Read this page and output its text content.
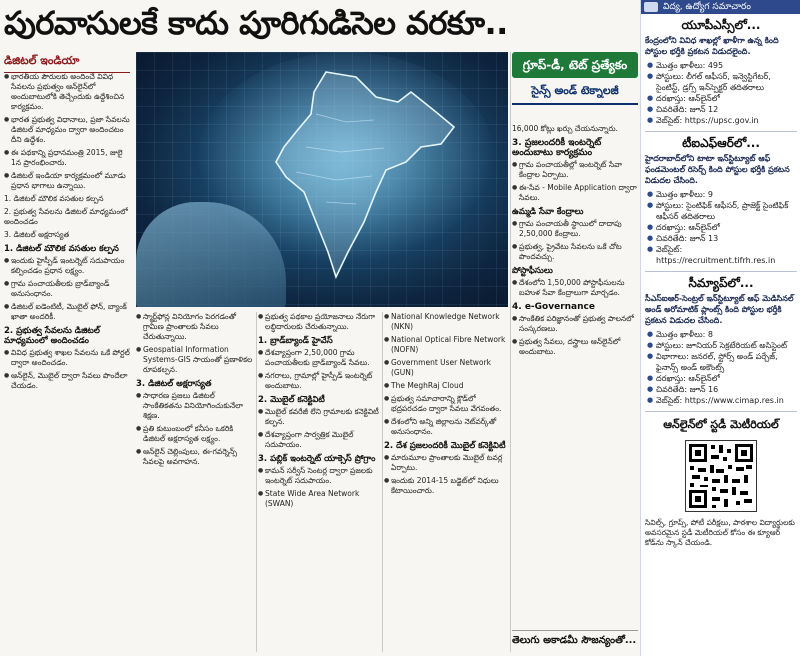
పురవాసులకే కాదు పూరిగుడిసెల వరకూ..
డిజిటల్ ఇండియా

● భారతీయ పౌరులకు అందించే వివిధ సేవలను ప్రభుత్వం ఆన్‌లైన్‌లో అందుబాటులోకి తెచ్చేందుకు ఉద్దేశించిన కార్యక్రమం.

● భారత ప్రభుత్వ విధానాలు, ప్రజా సేవలను డిజిటల్ మాధ్యమం ద్వారా అందించటం దీని ఉద్దేశం.

● ఈ పథకాన్ని ప్రధానమంత్రి 2015, జులై 1న ప్రారంభించారు.

● డిజిటల్ ఇండియా కార్యక్రమంలో మూడు ప్రధాన భాగాలు ఉన్నాయి.

1. డిజిటల్ మౌలిక వసతుల కల్పన

2. ప్రభుత్వ సేవలను డిజిటల్ మాధ్యమంలో అందించడం

3. డిజిటల్ అక్షరాస్యత

1. డిజిటల్ మౌలిక వసతుల కల్పన

● ఇందుకు హైస్పీడ్ ఇంటర్నెట్ సదుపాయం కల్పించడం ప్రధాన లక్ష్యం.

● గ్రామ పంచాయతీలకు బ్రాడ్‌బ్యాండ్ అనుసంధానం.

● డిజిటల్ ఐడెంటిటీ, మొబైల్ ఫోన్, బ్యాంక్ ఖాతా అందరికీ.

2. ప్రభుత్వ సేవలను డిజిటల్ మాధ్యమంలో అందించడం

● వివిధ ప్రభుత్వ శాఖల సేవలను ఒకే పోర్టల్ ద్వారా అందించడం.

● ఆన్‌లైన్, మొబైల్ ద్వారా సేవలు పొందేలా చేయడం.

● స్మార్ట్‌ఫోన్ల వినియోగం పెరగడంతో గ్రామీణ ప్రాంతాలకు సేవలు చేరుతున్నాయి.

● Geospatial Information Systems-GIS సాయంతో ప్రణాళికల రూపకల్పన.

3. డిజిటల్ అక్షరాస్యత

● సాధారణ ప్రజలు డిజిటల్ సాంకేతికతను వినియోగించుకునేలా శిక్షణ.

● ప్రతి కుటుంబంలో కనీసం ఒకరికి డిజిటల్ అక్షరాస్యత లక్ష్యం.

● ఆన్‌లైన్ చెల్లింపులు, ఈ-గవర్నెన్స్ సేవలపై అవగాహన.

● ప్రభుత్వ పథకాల ప్రయోజనాలు నేరుగా లబ్ధిదారులకు చేరుతున్నాయి.

1. బ్రాడ్‌బ్యాండ్ హైవేస్

● దేశవ్యాప్తంగా 2,50,000 గ్రామ పంచాయతీలకు బ్రాడ్‌బ్యాండ్ సేవలు.

● నగరాలు, గ్రామాల్లో హైస్పీడ్ ఇంటర్నెట్ అందుబాటు.

2. మొబైల్ కనెక్టివిటీ

● మొబైల్ కవరేజీ లేని గ్రామాలకు కనెక్టివిటీ కల్పన.

● దేశవ్యాప్తంగా సార్వత్రిక మొబైల్ సదుపాయం.

3. పబ్లిక్ ఇంటర్నెట్ యాక్సెస్ ప్రోగ్రాం

● కామన్ సర్వీస్ సెంటర్ల ద్వారా ప్రజలకు ఇంటర్నెట్ సదుపాయం.

● State Wide Area Network (SWAN)

● National Knowledge Network (NKN)

● National Optical Fibre Network (NOFN)

● Government User Network (GUN)

● The MeghRaj Cloud

● ప్రభుత్వ సమాచారాన్ని క్లౌడ్‌లో భద్రపరచడం ద్వారా సేవలు వేగవంతం.

● దేశంలోని అన్ని జిల్లాలను నెట్‌వర్క్‌తో అనుసంధానం.

2. దేశ ప్రజలందరికీ మొబైల్ కనెక్టివిటీ

● మారుమూల ప్రాంతాలకు మొబైల్ టవర్ల ఏర్పాటు.

● ఇందుకు 2014-15 బడ్జెట్‌లో నిధులు కేటాయించారు.

గ్రూప్-డీ, టెట్ ప్రత్యేకం
సైన్స్ అండ్ టెక్నాలజీ

16,000 కోట్లు ఖర్చు చేయనున్నారు.

3. ప్రజలందరికీ ఇంటర్నెట్ అందుబాటు కార్యక్రమం

● గ్రామ పంచాయతీల్లో ఇంటర్నెట్ సేవా కేంద్రాల ఏర్పాటు.

● ఈ-సేవ - Mobile Application ద్వారా సేవలు.

ఉమ్మడి సేవా కేంద్రాలు

● గ్రామ పంచాయతీ స్థాయిలో దాదాపు 2,50,000 కేంద్రాలు.

● ప్రభుత్వ, ప్రైవేటు సేవలను ఒకే చోట పొందవచ్చు.

పోస్టాఫీసులు

● దేశంలోని 1,50,000 పోస్టాఫీసులను బహుళ సేవా కేంద్రాలుగా మార్చడం.

4. e-Governance

● సాంకేతిక పరిజ్ఞానంతో ప్రభుత్వ పాలనలో సంస్కరణలు.

● ప్రభుత్వ సేవలు, దస్త్రాలు ఆన్‌లైన్‌లో అందుబాటు.

తెలుగు అకాడమీ సౌజన్యంతో...
విద్య, ఉద్యోగ సమాచారం
యూపీఎస్సీలో...
కేంద్రంలోని వివిధ శాఖల్లో ఖాళీగా ఉన్న కింది పోస్టుల భర్తీకి ప్రకటన విడుదలైంది.
● మొత్తం ఖాళీలు: 495
● పోస్టులు: లీగల్ ఆఫీసర్, ఇన్వెస్టిగేటర్, సైంటిస్ట్, డ్రగ్స్ ఇన్‌స్పెక్టర్ తదితరాలు
● దరఖాస్తు: ఆన్‌లైన్‌లో
● చివరితేది: జూన్ 12
● వెబ్‌సైట్: https://upsc.gov.in
టీఐఎఫ్ఆర్‌లో...
హైదరాబాద్‌లోని టాటా ఇన్‌స్టిట్యూట్ ఆఫ్ ఫండమెంటల్ రిసెర్చ్ కింది పోస్టుల భర్తీకి ప్రకటన విడుదల చేసింది.
● మొత్తం ఖాళీలు: 9
● పోస్టులు: సైంటిఫిక్ ఆఫీసర్, ప్రాజెక్ట్ సైంటిఫిక్ ఆఫీసర్ తదితరాలు
● దరఖాస్తు: ఆన్‌లైన్‌లో
● చివరితేది: జూన్ 13
● వెబ్‌సైట్: https://recruitment.tifrh.res.in
సీమ్యాప్‌లో...
సీఎస్ఐఆర్-సెంట్రల్ ఇన్‌స్టిట్యూట్ ఆఫ్ మెడిసినల్ అండ్ అరోమాటిక్ ప్లాంట్స్ కింది పోస్టుల భర్తీకి ప్రకటన విడుదల చేసింది.
● మొత్తం ఖాళీలు: 8
● పోస్టులు: జూనియర్ సెక్రటేరియట్ అసిస్టెంట్
● విభాగాలు: జనరల్, స్టోర్స్ అండ్ పర్చేజ్, ఫైనాన్స్ అండ్ అకౌంట్స్
● దరఖాస్తు: ఆన్‌లైన్‌లో
● చివరితేది: జూన్ 16
● వెబ్‌సైట్: https://www.cimap.res.in
ఆన్‌లైన్‌లో స్టడీ మెటీరియల్
సివిల్స్, గ్రూప్స్, పోటీ పరీక్షలు, పాఠశాల విద్యార్థులకు అవసరమైన స్టడీ మెటీరియల్ కోసం ఈ క్యూఆర్ కోడ్‌ను స్కాన్ చేయండి.
